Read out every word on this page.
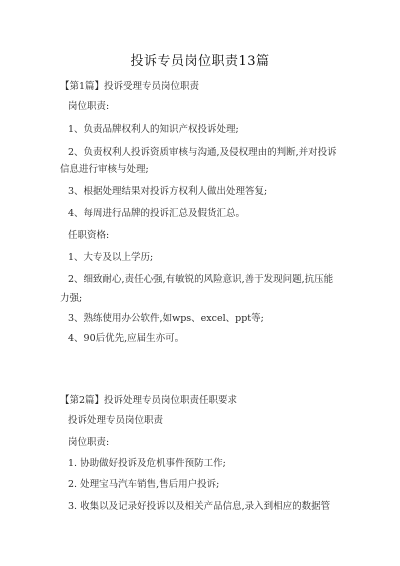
投诉专员岗位职责13篇
【第1篇】投诉受理专员岗位职责
岗位职责:
1、负责品牌权利人的知识产权投诉处理;
2、负责权利人投诉资质审核与沟通,及侵权理由的判断,并对投诉
信息进行审核与处理;
3、根据处理结果对投诉方权利人做出处理答复;
4、每周进行品牌的投诉汇总及假货汇总。
任职资格:
1、大专及以上学历;
2、细致耐心,责任心强,有敏锐的风险意识,善于发现问题,抗压能
力强;
3、熟练使用办公软件,如wps、excel、ppt等;
4、90后优先,应届生亦可。
【第2篇】投诉处理专员岗位职责任职要求
投诉处理专员岗位职责
岗位职责:
1. 协助做好投诉及危机事件预防工作;
2. 处理宝马汽车销售,售后用户投诉;
3. 收集以及记录好投诉以及相关产品信息,录入到相应的数据管
